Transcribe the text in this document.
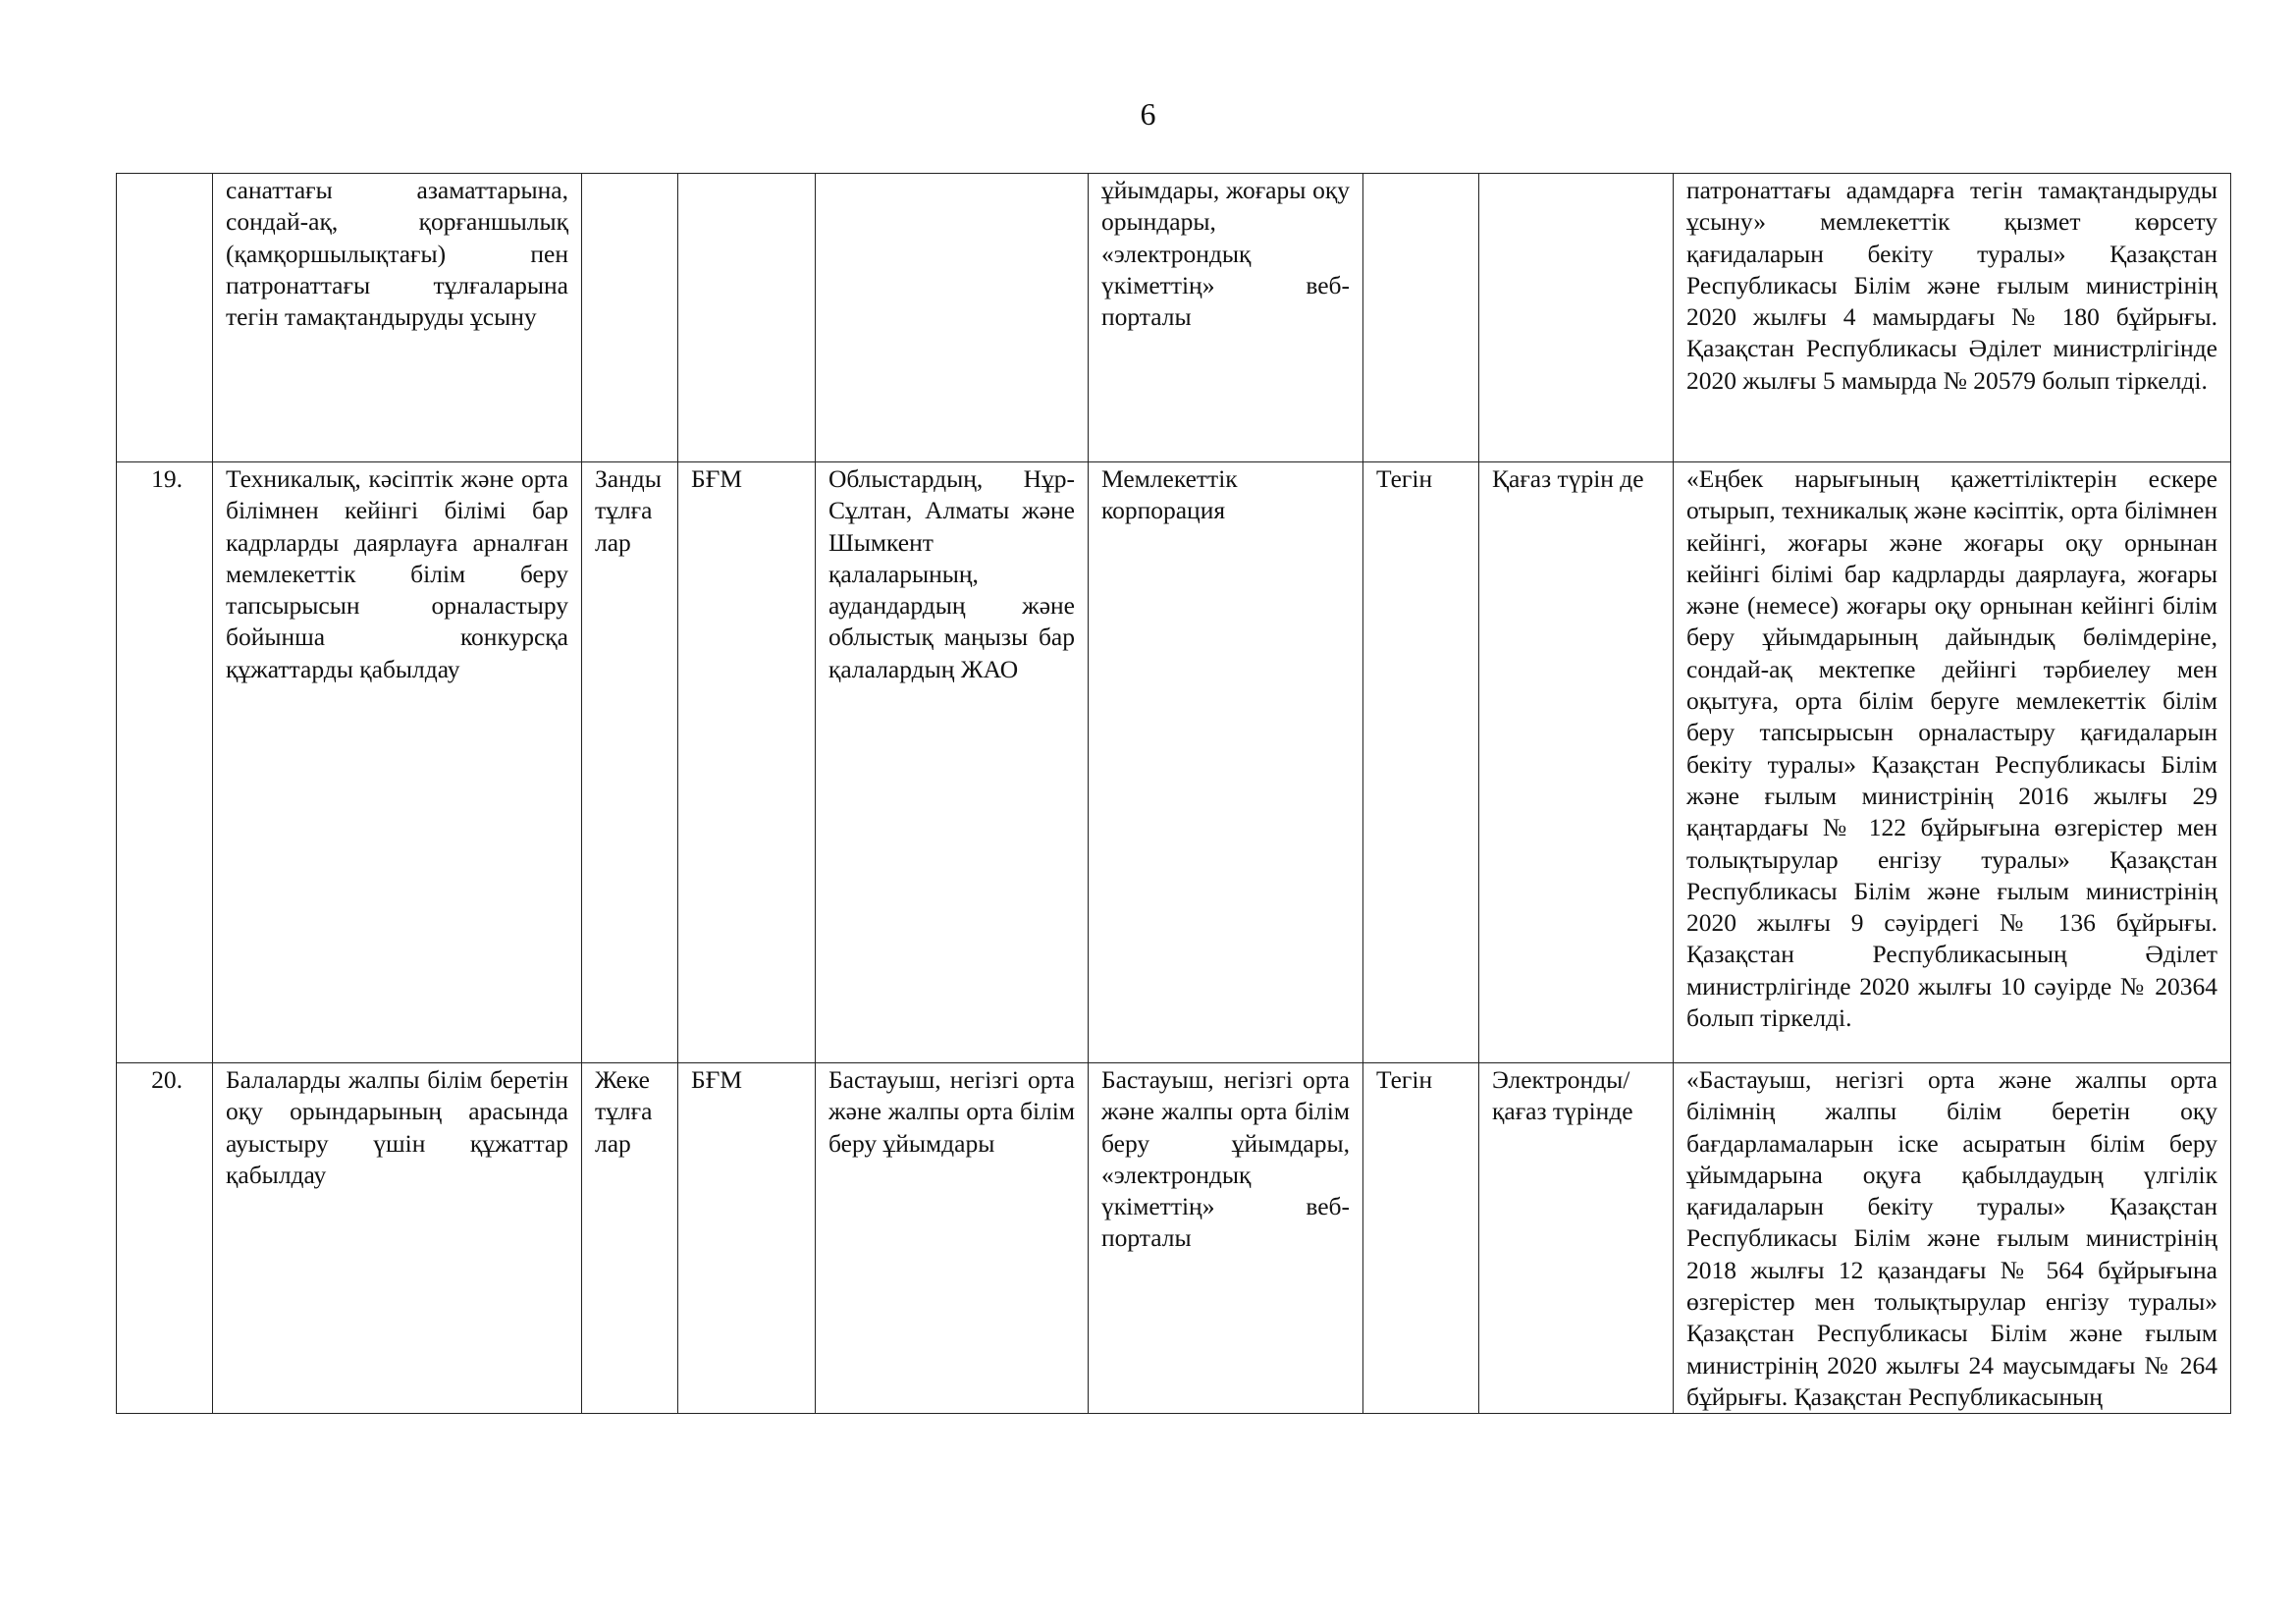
6
	санаттағы азаматтарына, сондай-ақ, қорғаншылық (қамқоршылықтағы) пен патронаттағы тұлғаларына тегін тамақтандыруды ұсыну				ұйымдары, жоғары оқу орындары, «электрондық үкіметтің» веб-порталы			патронаттағы адамдарға тегін тамақтандыруды ұсыну» мемлекеттік қызмет көрсету қағидаларын бекіту туралы» Қазақстан Республикасы Білім және ғылым министрінің 2020 жылғы 4 мамырдағы № 180 бұйрығы. Қазақстан Республикасы Әділет министрлігінде 2020 жылғы 5 мамырда № 20579 болып тіркелді.
19.	Техникалық, кәсіптік және орта білімнен кейінгі білімі бар кадрларды даярлауға арналған мемлекеттік білім беру тапсырысын орналастыру бойынша конкурсқа құжаттарды қабылдау	Занды тұлғалар	БҒМ	Облыстардың, Нұр-Сұлтан, Алматы және Шымкент қалаларының, аудандардың және облыстық маңызы бар қалалардың ЖАО	Мемлекеттік корпорация	Тегін	Қағаз түрін де	«Еңбек нарығының қажеттіліктерін ескере отырып, техникалық және кәсіптік, орта білімнен кейінгі, жоғары және жоғары оқу орнынан кейінгі білімі бар кадрларды даярлауға, жоғары және (немесе) жоғары оқу орнынан кейінгі білім беру ұйымдарының дайындық бөлімдеріне, сондай-ақ мектепке дейінгі тәрбиелеу мен оқытуға, орта білім беруге мемлекеттік білім беру тапсырысын орналастыру қағидаларын бекіту туралы» Қазақстан Республикасы Білім және ғылым министрінің 2016 жылғы 29 қаңтардағы № 122 бұйрығына өзгерістер мен толықтырулар енгізу туралы» Қазақстан Республикасы Білім және ғылым министрінің 2020 жылғы 9 сәуірдегі № 136 бұйрығы. Қазақстан Республикасының Әділет министрлігінде 2020 жылғы 10 сәуірде № 20364 болып тіркелді.
20.	Балаларды жалпы білім беретін оқу орындарының арасында ауыстыру үшін құжаттар қабылдау	Жеке тұлғалар	БҒМ	Бастауыш, негізгі орта және жалпы орта білім беру ұйымдары	Бастауыш, негізгі орта және жалпы орта білім беру ұйымдары, «электрондық үкіметтің» веб-порталы	Тегін	Электронды/ қағаз түрінде	«Бастауыш, негізгі орта және жалпы орта білімнің жалпы білім беретін оқу бағдарламаларын іске асыратын білім беру ұйымдарына оқуға қабылдаудың үлгілік қағидаларын бекіту туралы» Қазақстан Республикасы Білім және ғылым министрінің 2018 жылғы 12 қазандағы № 564 бұйрығына өзгерістер мен толықтырулар енгізу туралы» Қазақстан Республикасы Білім және ғылым министрінің 2020 жылғы 24 маусымдағы № 264 бұйрығы. Қазақстан Республикасының
